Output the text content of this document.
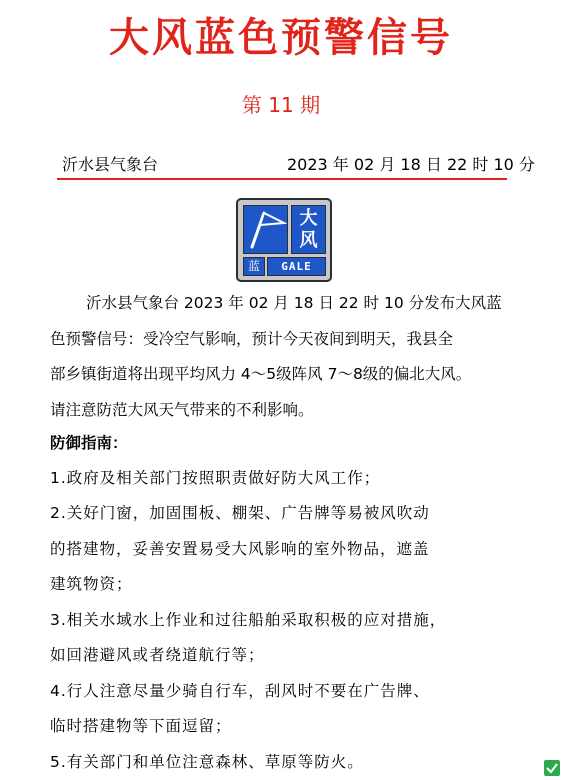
大风蓝色预警信号
第 11 期
沂水县气象台	2023 年 02 月 18 日 22 时 10 分
大
风
蓝	GALE
沂水县气象台 2023 年 02 月 18 日 22 时 10 分发布大风蓝
色预警信号：受冷空气影响，预计今天夜间到明天，我县全
部乡镇街道将出现平均风力 4～5级阵风 7～8级的偏北大风。
请注意防范大风天气带来的不利影响。
防御指南：
1.政府及相关部门按照职责做好防大风工作；
2.关好门窗，加固围板、棚架、广告牌等易被风吹动
的搭建物，妥善安置易受大风影响的室外物品，遮盖
建筑物资；
3.相关水域水上作业和过往船舶采取积极的应对措施，
如回港避风或者绕道航行等；
4.行人注意尽量少骑自行车，刮风时不要在广告牌、
临时搭建物等下面逗留；
5.有关部门和单位注意森林、草原等防火。
